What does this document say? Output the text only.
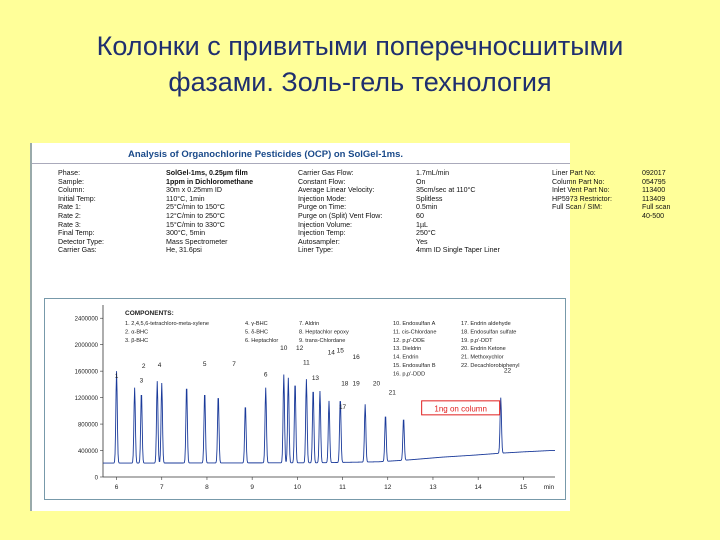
Колонки с привитыми поперечносшитыми
фазами. Золь-гель технология
Analysis of Organochlorine Pesticides (OCP) on SolGel-1ms.
Phase:	SolGel-1ms, 0.25µm film
Sample:	1ppm in Dichloromethane
Column:	30m x 0.25mm ID
Initial Temp:	110°C, 1min
Rate 1:	25°C/min to 150°C
Rate 2:	12°C/min to 250°C
Rate 3:	15°C/min to 330°C
Final Temp:	300°C, 5min
Detector Type:	Mass Spectrometer
Carrier Gas:	He, 31.6psi
Carrier Gas Flow:	1.7mL/min
Constant Flow:	On
Average Linear Velocity:	35cm/sec at 110°C
Injection Mode:	Splitless
Purge on Time:	0.5min
Purge on (Split) Vent Flow:	60
Injection Volume:	1µL
Injection Temp:	250°C
Autosampler:	Yes
Liner Type:	4mm ID Single Taper Liner
Liner Part No:	092017
Column Part No:	054795
Inlet Vent Part No:	113400
HP5973 Restrictor:	113409
Full Scan / SIM:	Full scan
40-500
2400000
2000000
1600000
1200000
800000
400000
0
6	7	8	9	10	11	12	13	14	15	min
1
3
2 4	5	7
6
10 12
11
13
14 15
16
17
18 19 20
21
22
COMPONENTS:
1. 2,4,5,6-tetrachloro-meta-xylene
2. α-BHC
3. β-BHC
4. γ-BHC
5. δ-BHC
6. Heptachlor
7. Aldrin
8. Heptachlor epoxy
9. trans-Chlordane
10. Endosulfan A
11. cis-Chlordane
12. p,p'-DDE
13. Dieldrin
14. Endrin
15. Endosulfan B
16. p,p'-DDD
17. Endrin aldehyde
18. Endosulfan sulfate
19. p,p'-DDT
20. Endrin Ketone
21. Methoxychlor
22. Decachlorobiphenyl
1ng on column
